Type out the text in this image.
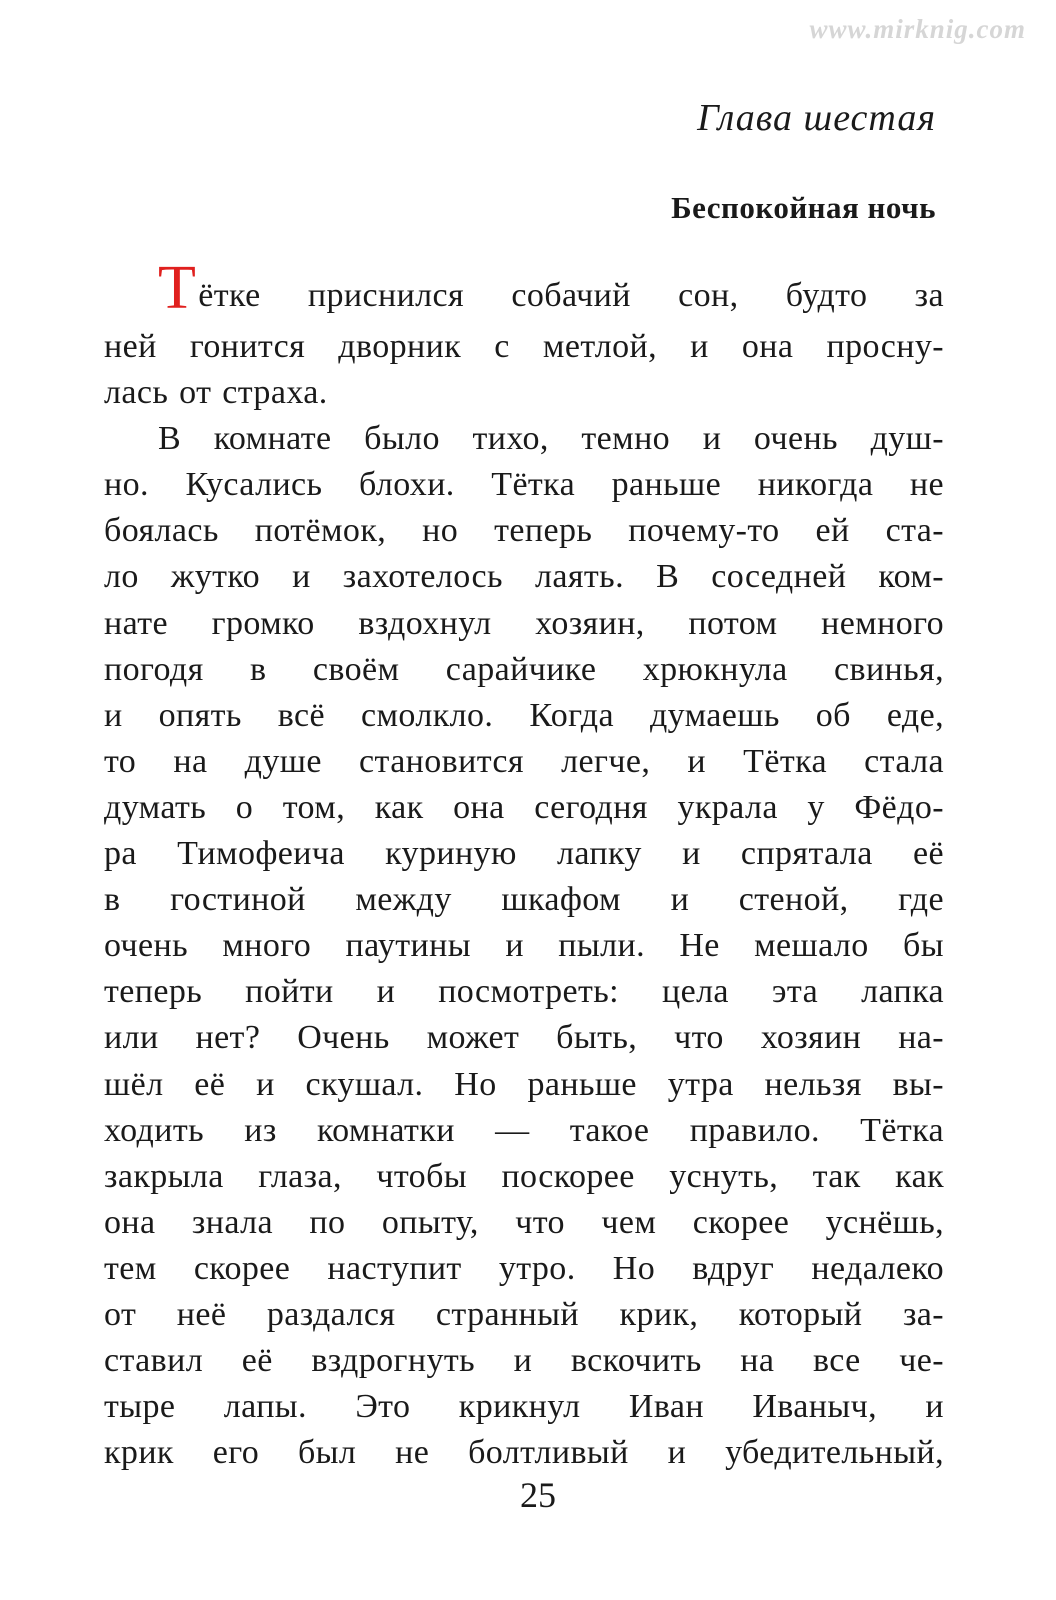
www.mirknig.com
Глава шестая
Беспокойная ночь
Тётке приснился собачий сон, будто за
ней гонится дворник с метлой, и она просну-
лась от страха.
В комнате было тихо, темно и очень душ-
но. Кусались блохи. Тётка раньше никогда не
боялась потёмок, но теперь почему-то ей ста-
ло жутко и захотелось лаять. В соседней ком-
нате громко вздохнул хозяин, потом немного
погодя в своём сарайчике хрюкнула свинья,
и опять всё смолкло. Когда думаешь об еде,
то на душе становится легче, и Тётка стала
думать о том, как она сегодня украла у Фёдо-
ра Тимофеича куриную лапку и спрятала её
в гостиной между шкафом и стеной, где
очень много паутины и пыли. Не мешало бы
теперь пойти и посмотреть: цела эта лапка
или нет? Очень может быть, что хозяин на-
шёл её и скушал. Но раньше утра нельзя вы-
ходить из комнатки — такое правило. Тётка
закрыла глаза, чтобы поскорее уснуть, так как
она знала по опыту, что чем скорее уснёшь,
тем скорее наступит утро. Но вдруг недалеко
от неё раздался странный крик, который за-
ставил её вздрогнуть и вскочить на все че-
тыре лапы. Это крикнул Иван Иваныч, и
крик его был не болтливый и убедительный,
25
